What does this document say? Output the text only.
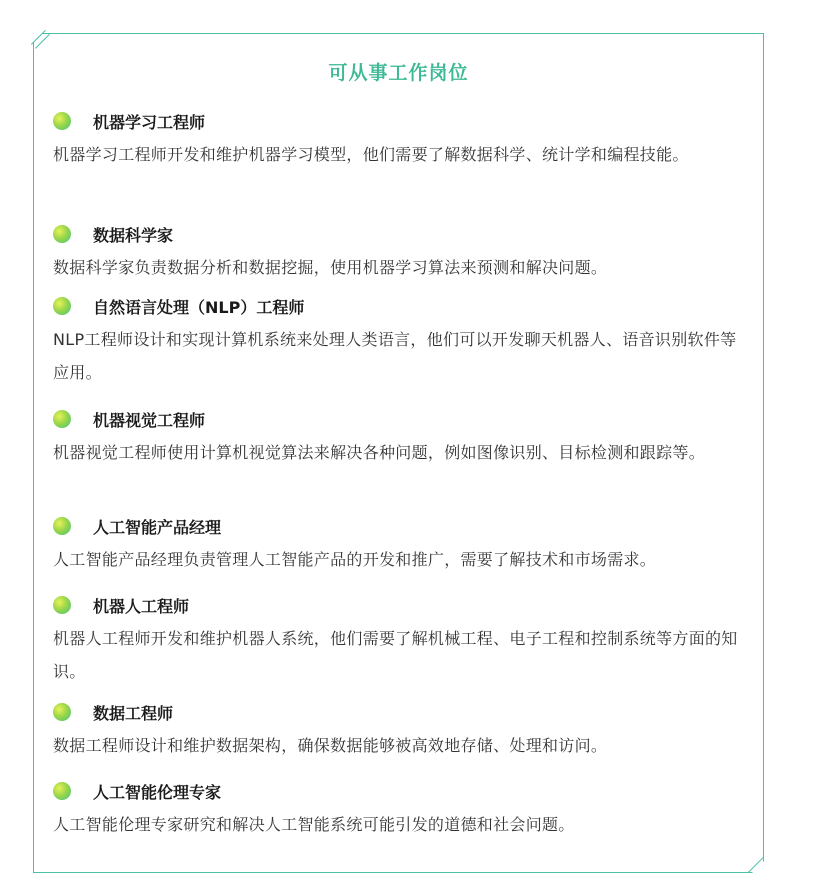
可从事工作岗位
机器学习工程师
机器学习工程师开发和维护机器学习模型，他们需要了解数据科学、统计学和编程技能。
数据科学家
数据科学家负责数据分析和数据挖掘，使用机器学习算法来预测和解决问题。
自然语言处理（NLP）工程师
NLP工程师设计和实现计算机系统来处理人类语言，他们可以开发聊天机器人、语音识别软件等应用。
机器视觉工程师
机器视觉工程师使用计算机视觉算法来解决各种问题，例如图像识别、目标检测和跟踪等。
人工智能产品经理
人工智能产品经理负责管理人工智能产品的开发和推广，需要了解技术和市场需求。
机器人工程师
机器人工程师开发和维护机器人系统，他们需要了解机械工程、电子工程和控制系统等方面的知识。
数据工程师
数据工程师设计和维护数据架构，确保数据能够被高效地存储、处理和访问。
人工智能伦理专家
人工智能伦理专家研究和解决人工智能系统可能引发的道德和社会问题。
